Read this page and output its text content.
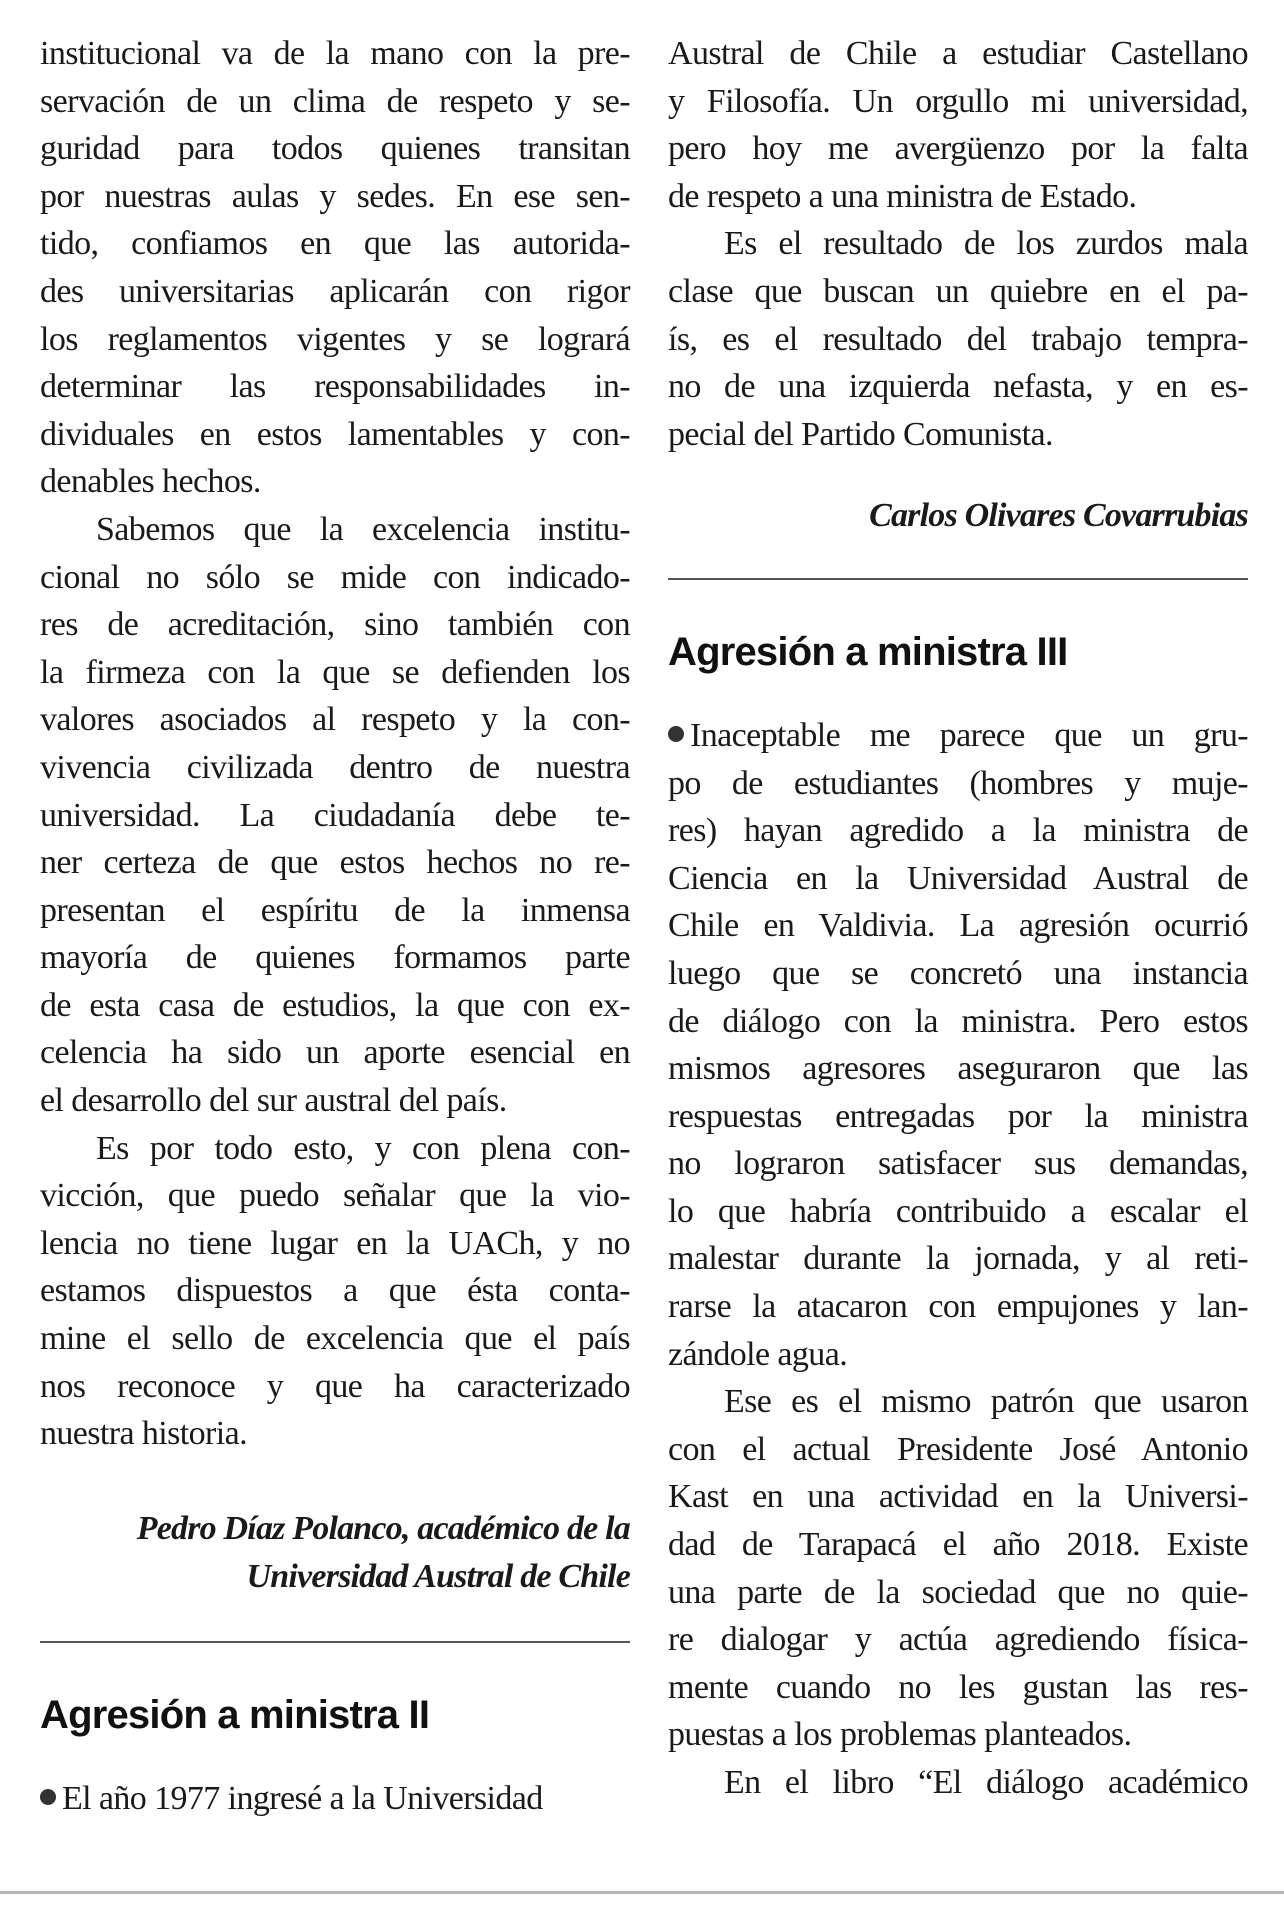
institucional va de la mano con la pre-
servación de un clima de respeto y se-
guridad para todos quienes transitan
por nuestras aulas y sedes. En ese sen-
tido, confiamos en que las autorida-
des universitarias aplicarán con rigor
los reglamentos vigentes y se logrará
determinar las responsabilidades in-
dividuales en estos lamentables y con-
denables hechos.
Sabemos que la excelencia institu-
cional no sólo se mide con indicado-
res de acreditación, sino también con
la firmeza con la que se defienden los
valores asociados al respeto y la con-
vivencia civilizada dentro de nuestra
universidad. La ciudadanía debe te-
ner certeza de que estos hechos no re-
presentan el espíritu de la inmensa
mayoría de quienes formamos parte
de esta casa de estudios, la que con ex-
celencia ha sido un aporte esencial en
el desarrollo del sur austral del país.
Es por todo esto, y con plena con-
vicción, que puedo señalar que la vio-
lencia no tiene lugar en la UACh, y no
estamos dispuestos a que ésta conta-
mine el sello de excelencia que el país
nos reconoce y que ha caracterizado
nuestra historia.
Pedro Díaz Polanco, académico de la
Universidad Austral de Chile
Agresión a ministra II
El año 1977 ingresé a la Universidad
Austral de Chile a estudiar Castellano
y Filosofía. Un orgullo mi universidad,
pero hoy me avergüenzo por la falta
de respeto a una ministra de Estado.
Es el resultado de los zurdos mala
clase que buscan un quiebre en el pa-
ís, es el resultado del trabajo tempra-
no de una izquierda nefasta, y en es-
pecial del Partido Comunista.
Carlos Olivares Covarrubias
Agresión a ministra III
Inaceptable me parece que un gru-
po de estudiantes (hombres y muje-
res) hayan agredido a la ministra de
Ciencia en la Universidad Austral de
Chile en Valdivia. La agresión ocurrió
luego que se concretó una instancia
de diálogo con la ministra. Pero estos
mismos agresores aseguraron que las
respuestas entregadas por la ministra
no lograron satisfacer sus demandas,
lo que habría contribuido a escalar el
malestar durante la jornada, y al reti-
rarse la atacaron con empujones y lan-
zándole agua.
Ese es el mismo patrón que usaron
con el actual Presidente José Antonio
Kast en una actividad en la Universi-
dad de Tarapacá el año 2018. Existe
una parte de la sociedad que no quie-
re dialogar y actúa agrediendo física-
mente cuando no les gustan las res-
puestas a los problemas planteados.
En el libro “El diálogo académico
